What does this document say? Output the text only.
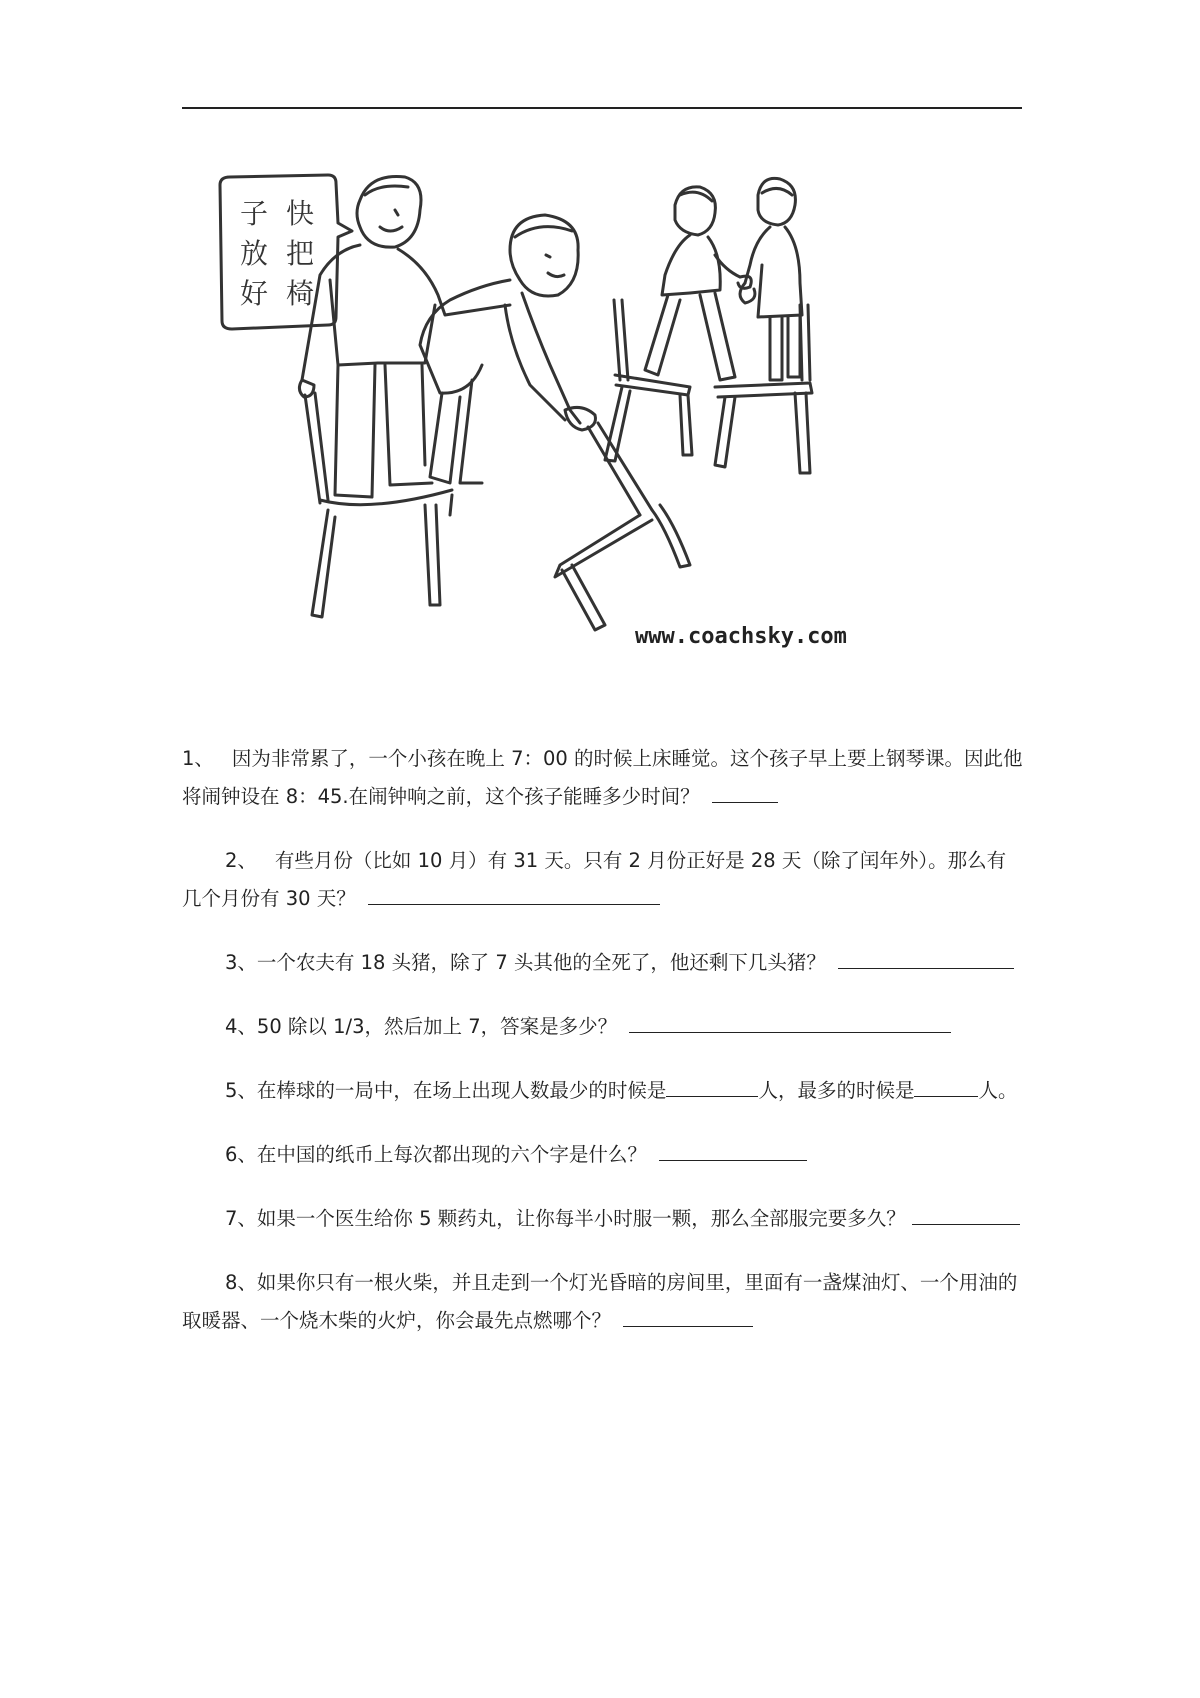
快
把
椅
子
放
好
www.coachsky.com

1、 因为非常累了，一个小孩在晚上 7：00 的时候上床睡觉。这个孩子早上要上钢琴课。因此他将闹钟设在 8：45.在闹钟响之前，这个孩子能睡多少时间？

2、 有些月份（比如 10 月）有 31 天。只有 2 月份正好是 28 天（除了闰年外）。那么有几个月份有 30 天？

3、一个农夫有 18 头猪，除了 7 头其他的全死了，他还剩下几头猪？

4、50 除以 1/3，然后加上 7，答案是多少？

5、在棒球的一局中，在场上出现人数最少的时候是	人，最多的时候是	人。

6、在中国的纸币上每次都出现的六个字是什么？

7、如果一个医生给你 5 颗药丸，让你每半小时服一颗，那么全部服完要多久？

8、如果你只有一根火柴，并且走到一个灯光昏暗的房间里，里面有一盏煤油灯、一个用油的取暖器、一个烧木柴的火炉，你会最先点燃哪个？
